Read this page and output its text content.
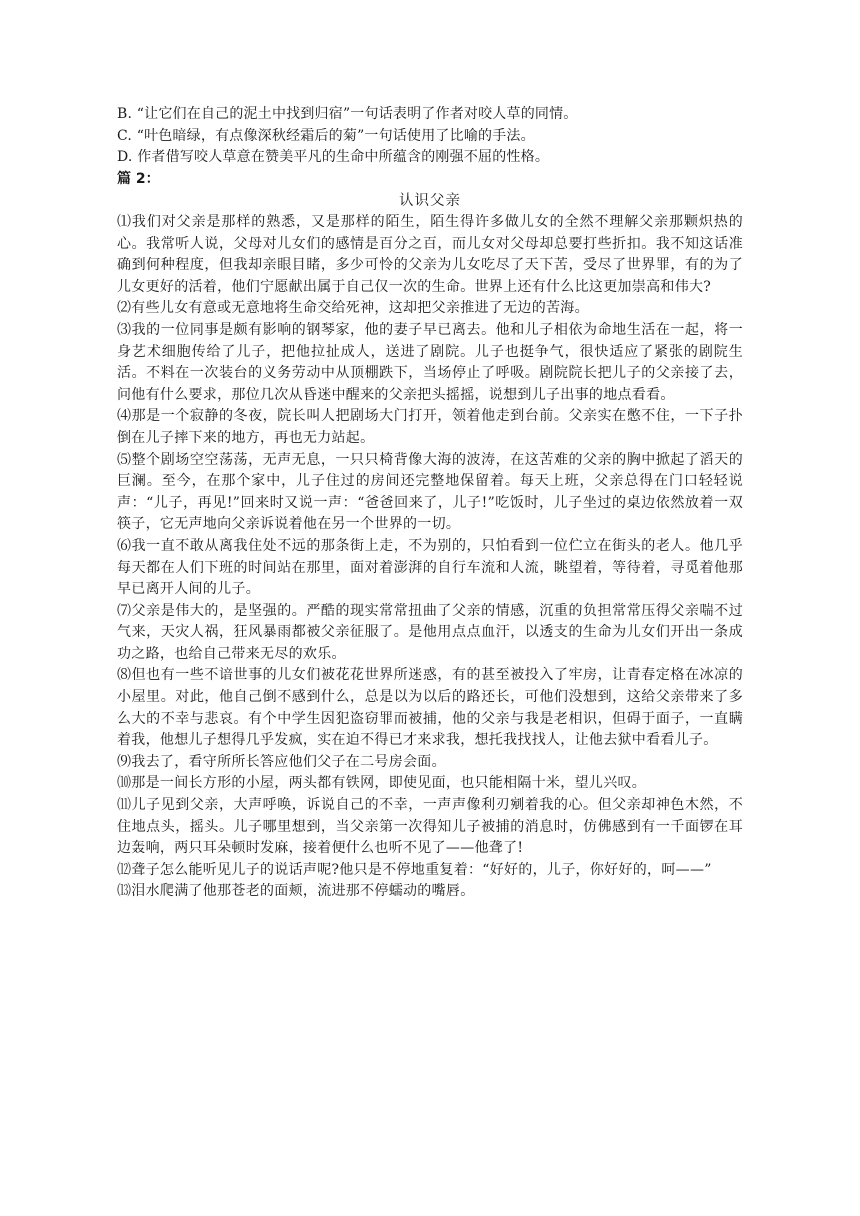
B. “让它们在自己的泥土中找到归宿”一句话表明了作者对咬人草的同情。

C. “叶色暗绿，有点像深秋经霜后的菊”一句话使用了比喻的手法。

D. 作者借写咬人草意在赞美平凡的生命中所蕴含的刚强不屈的性格。

篇 2：

认识父亲

⑴我们对父亲是那样的熟悉，又是那样的陌生，陌生得许多做儿女的全然不理解父亲那颗炽热的心。我常听人说，父母对儿女们的感情是百分之百，而儿女对父母却总要打些折扣。我不知这话准确到何种程度，但我却亲眼目睹，多少可怜的父亲为儿女吃尽了天下苦，受尽了世界罪，有的为了儿女更好的活着，他们宁愿献出属于自己仅一次的生命。世界上还有什么比这更加崇高和伟大?

⑵有些儿女有意或无意地将生命交给死神，这却把父亲推进了无边的苦海。

⑶我的一位同事是颇有影响的钢琴家，他的妻子早已离去。他和儿子相依为命地生活在一起，将一身艺术细胞传给了儿子，把他拉扯成人，送进了剧院。儿子也挺争气，很快适应了紧张的剧院生活。不料在一次装台的义务劳动中从顶棚跌下，当场停止了呼吸。剧院院长把儿子的父亲接了去，问他有什么要求，那位几次从昏迷中醒来的父亲把头摇摇，说想到儿子出事的地点看看。

⑷那是一个寂静的冬夜，院长叫人把剧场大门打开，领着他走到台前。父亲实在憋不住，一下子扑倒在儿子摔下来的地方，再也无力站起。

⑸整个剧场空空荡荡，无声无息，一只只椅背像大海的波涛，在这苦难的父亲的胸中掀起了滔天的巨澜。至今，在那个家中，儿子住过的房间还完整地保留着。每天上班，父亲总得在门口轻轻说声：“儿子，再见!”回来时又说一声：“爸爸回来了，儿子!”吃饭时，儿子坐过的桌边依然放着一双筷子，它无声地向父亲诉说着他在另一个世界的一切。

⑹我一直不敢从离我住处不远的那条街上走，不为别的，只怕看到一位伫立在街头的老人。他几乎每天都在人们下班的时间站在那里，面对着澎湃的自行车流和人流，眺望着，等待着，寻觅着他那早已离开人间的儿子。

⑺父亲是伟大的，是坚强的。严酷的现实常常扭曲了父亲的情感，沉重的负担常常压得父亲喘不过气来，天灾人祸，狂风暴雨都被父亲征服了。是他用点点血汗，以透支的生命为儿女们开出一条成功之路，也给自己带来无尽的欢乐。

⑻但也有一些不谙世事的儿女们被花花世界所迷惑，有的甚至被投入了牢房，让青春定格在冰凉的小屋里。对此，他自己倒不感到什么，总是以为以后的路还长，可他们没想到，这给父亲带来了多么大的不幸与悲哀。有个中学生因犯盗窃罪而被捕，他的父亲与我是老相识，但碍于面子，一直瞒着我，他想儿子想得几乎发疯，实在迫不得已才来求我，想托我找找人，让他去狱中看看儿子。

⑼我去了，看守所所长答应他们父子在二号房会面。

⑽那是一间长方形的小屋，两头都有铁网，即使见面，也只能相隔十米，望儿兴叹。

⑾儿子见到父亲，大声呼唤，诉说自己的不幸，一声声像利刃剜着我的心。但父亲却神色木然，不住地点头，摇头。儿子哪里想到，当父亲第一次得知儿子被捕的消息时，仿佛感到有一千面锣在耳边轰响，两只耳朵顿时发麻，接着便什么也听不见了——他聋了!

⑿聋子怎么能听见儿子的说话声呢?他只是不停地重复着：“好好的，儿子，你好好的，呵——”

⒀泪水爬满了他那苍老的面颊，流进那不停蠕动的嘴唇。
